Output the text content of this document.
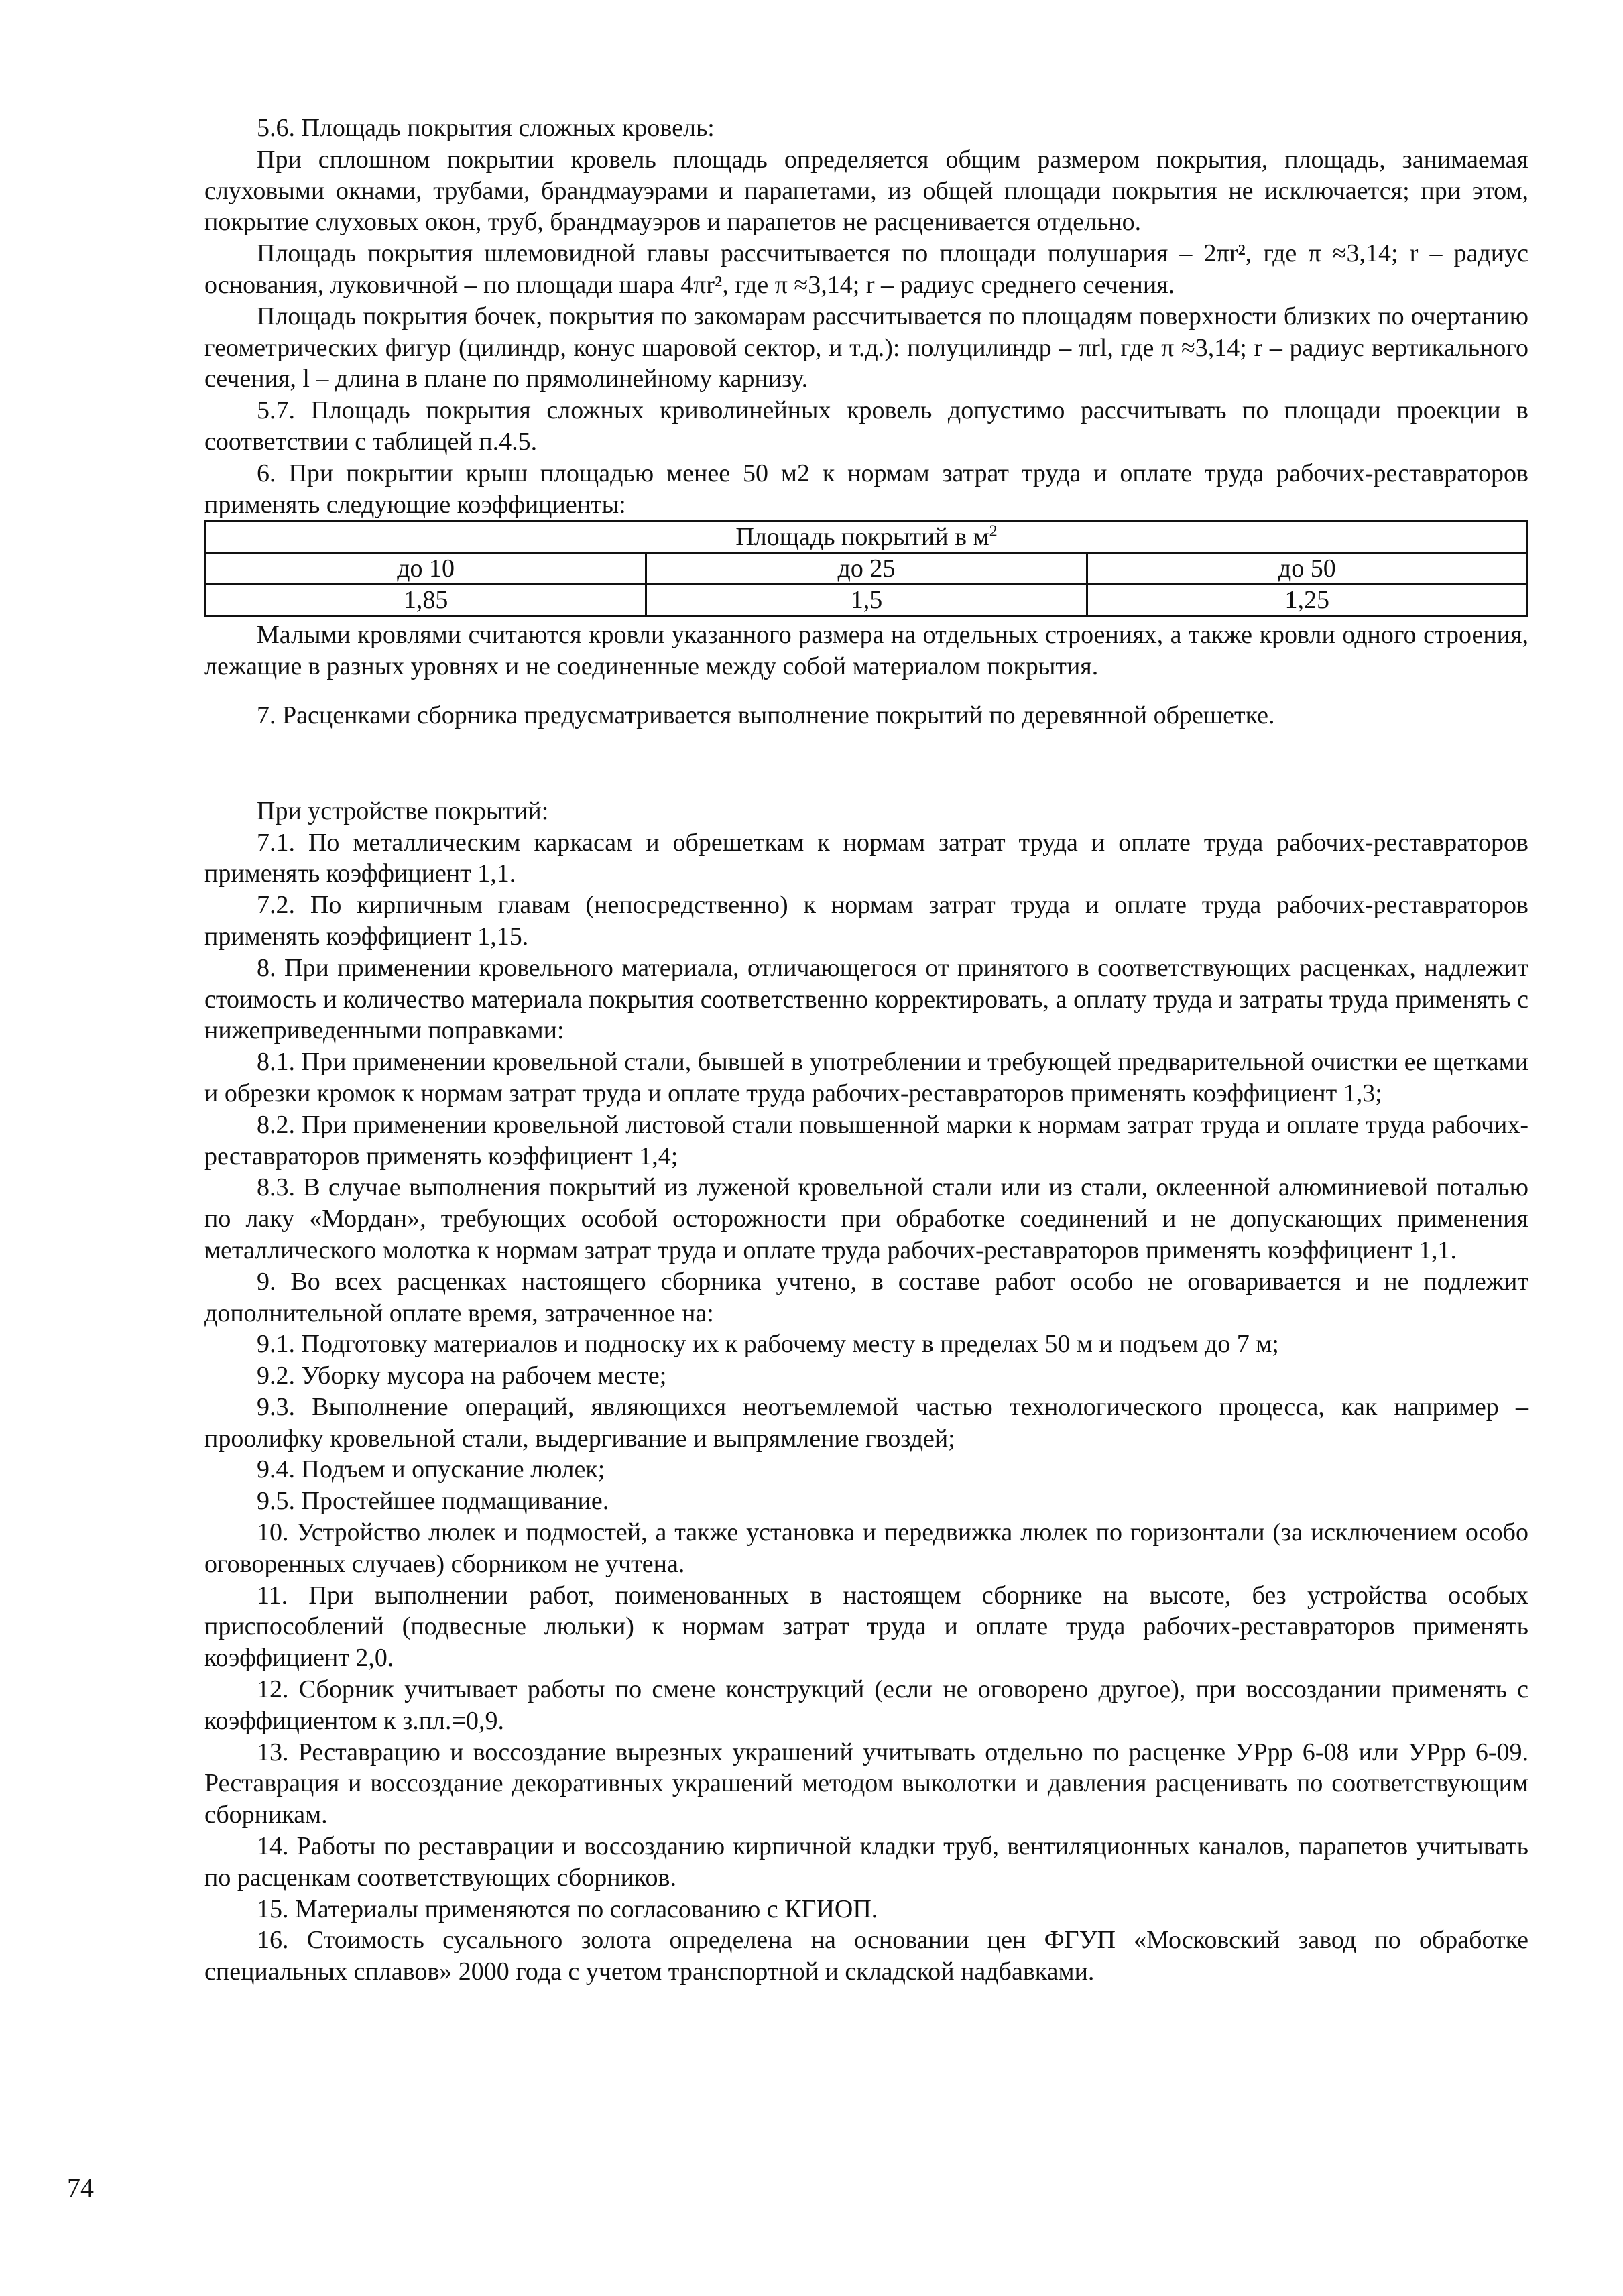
5.6. Площадь покрытия сложных кровель:

При сплошном покрытии кровель площадь определяется общим размером покрытия, площадь, занимаемая слуховыми окнами, трубами, брандмауэрами и парапетами, из общей площади покрытия не исключается; при этом, покрытие слуховых окон, труб, брандмауэров и парапетов не расценивается отдельно.

Площадь покрытия шлемовидной главы рассчитывается по площади полушария – 2πr², где π ≈3,14; r – радиус основания, луковичной – по площади шара 4πr², где π ≈3,14; r – радиус среднего сечения.

Площадь покрытия бочек, покрытия по закомарам рассчитывается по площадям поверхности близких по очертанию геометрических фигур (цилиндр, конус шаровой сектор, и т.д.): полуцилиндр – πrl, где π ≈3,14; r – радиус вертикального сечения, l – длина в плане по прямолинейному карнизу.

5.7. Площадь покрытия сложных криволинейных кровель допустимо рассчитывать по площади проекции в соответствии с таблицей п.4.5.

6. При покрытии крыш площадью менее 50 м2 к нормам затрат труда и оплате труда рабочих-реставраторов применять следующие коэффициенты:

Площадь покрытий в $м^2$
до 10	до 25	до 50
1,85	1,5	1,25

Малыми кровлями считаются кровли указанного размера на отдельных строениях, а также кровли одного строения, лежащие в разных уровнях и не соединенные между собой материалом покрытия.

7. Расценками сборника предусматривается выполнение покрытий по деревянной обрешетке.

При устройстве покрытий:

7.1. По металлическим каркасам и обрешеткам к нормам затрат труда и оплате труда рабочих-реставраторов применять коэффициент 1,1.

7.2. По кирпичным главам (непосредственно) к нормам затрат труда и оплате труда рабочих-реставраторов применять коэффициент 1,15.

8. При применении кровельного материала, отличающегося от принятого в соответствующих расценках, надлежит стоимость и количество материала покрытия соответственно корректировать, а оплату труда и затраты труда применять с нижеприведенными поправками:

8.1. При применении кровельной стали, бывшей в употреблении и требующей предварительной очистки ее щетками и обрезки кромок к нормам затрат труда и оплате труда рабочих-реставраторов применять коэффициент 1,3;

8.2. При применении кровельной листовой стали повышенной марки к нормам затрат труда и оплате труда рабочих-реставраторов применять коэффициент 1,4;

8.3. В случае выполнения покрытий из луженой кровельной стали или из стали, оклеенной алюминиевой поталью по лаку «Мордан», требующих особой осторожности при обработке соединений и не допускающих применения металлического молотка к нормам затрат труда и оплате труда рабочих-реставраторов применять коэффициент 1,1.

9. Во всех расценках настоящего сборника учтено, в составе работ особо не оговаривается и не подлежит дополнительной оплате время, затраченное на:

9.1. Подготовку материалов и подноску их к рабочему месту в пределах 50 м и подъем до 7 м;

9.2. Уборку мусора на рабочем месте;

9.3. Выполнение операций, являющихся неотъемлемой частью технологического процесса, как например – проолифку кровельной стали, выдергивание и выпрямление гвоздей;

9.4. Подъем и опускание люлек;

9.5. Простейшее подмащивание.

10. Устройство люлек и подмостей, а также установка и передвижка люлек по горизонтали (за исключением особо оговоренных случаев) сборником не учтена.

11. При выполнении работ, поименованных в настоящем сборнике на высоте, без устройства особых приспособлений (подвесные люльки) к нормам затрат труда и оплате труда рабочих-реставраторов применять коэффициент 2,0.

12. Сборник учитывает работы по смене конструкций (если не оговорено другое), при воссоздании применять с коэффициентом к з.пл.=0,9.

13. Реставрацию и воссоздание вырезных украшений учитывать отдельно по расценке УРрр 6-08 или УРрр 6-09. Реставрация и воссоздание декоративных украшений методом выколотки и давления расценивать по соответствующим сборникам.

14. Работы по реставрации и воссозданию кирпичной кладки труб, вентиляционных каналов, парапетов учитывать по расценкам соответствующих сборников.

15. Материалы применяются по согласованию с КГИОП.

16. Стоимость сусального золота определена на основании цен ФГУП «Московский завод по обработке специальных сплавов» 2000 года с учетом транспортной и складской надбавками.

74
